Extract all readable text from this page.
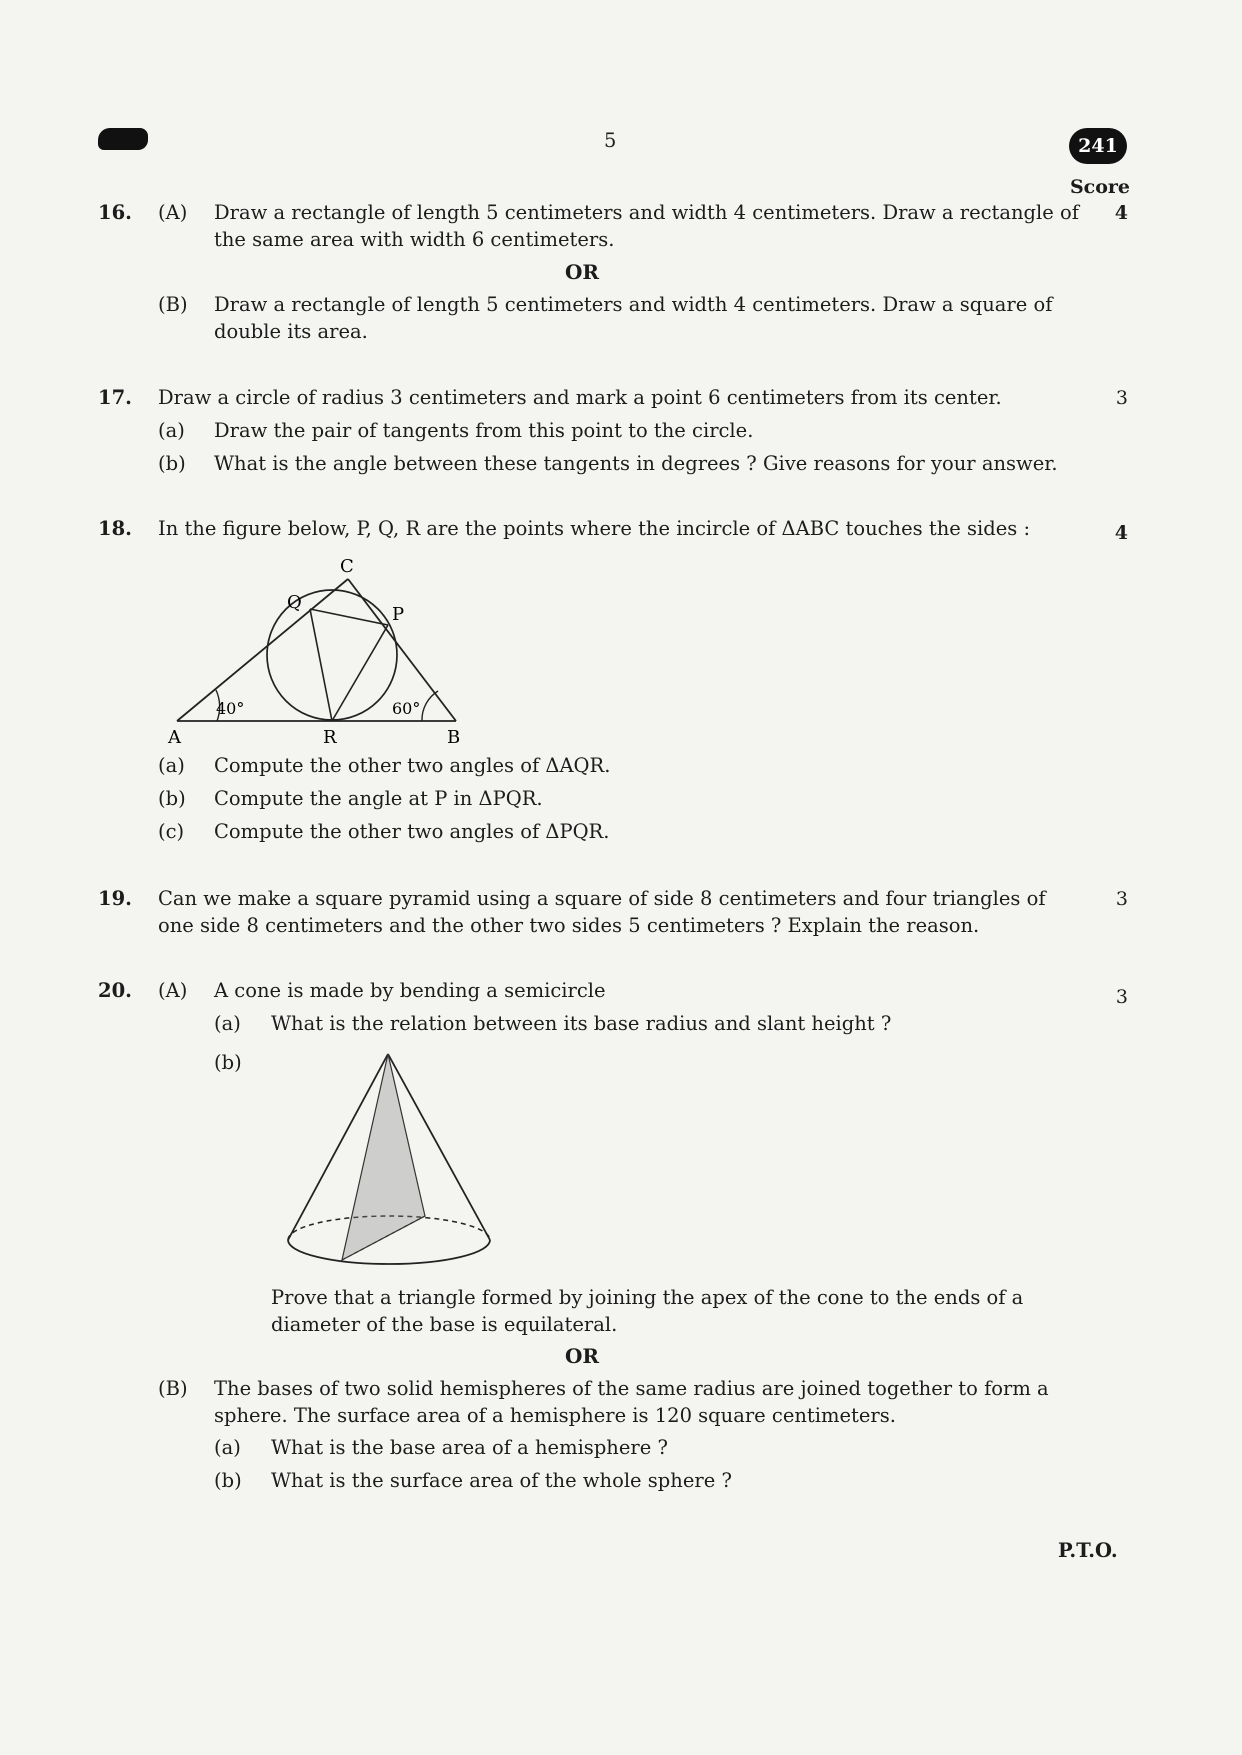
5	241
Score
16. (A) Draw a rectangle of length 5 centimeters and width 4 centimeters. Draw a rectangle of
the same area with width 6 centimeters.
4
OR
(B) Draw a rectangle of length 5 centimeters and width 4 centimeters. Draw a square of
double its area.
17. Draw a circle of radius 3 centimeters and mark a point 6 centimeters from its center.	3
(a) Draw the pair of tangents from this point to the circle.
(b) What is the angle between these tangents in degrees ? Give reasons for your answer.
18. In the figure below, P, Q, R are the points where the incircle of ΔABC touches the sides :	4
A	B
C
P
Q
R
40°	60°
(a) Compute the other two angles of ΔAQR.
(b) Compute the angle at P in ΔPQR.
(c) Compute the other two angles of ΔPQR.
19. Can we make a square pyramid using a square of side 8 centimeters and four triangles of
one side 8 centimeters and the other two sides 5 centimeters ? Explain the reason.
3
20. (A) A cone is made by bending a semicircle	3
(a) What is the relation between its base radius and slant height ?
(b)
Prove that a triangle formed by joining the apex of the cone to the ends of a
diameter of the base is equilateral.
OR
(B) The bases of two solid hemispheres of the same radius are joined together to form a
sphere. The surface area of a hemisphere is 120 square centimeters.
(a) What is the base area of a hemisphere ?
(b) What is the surface area of the whole sphere ?
P.T.O.
